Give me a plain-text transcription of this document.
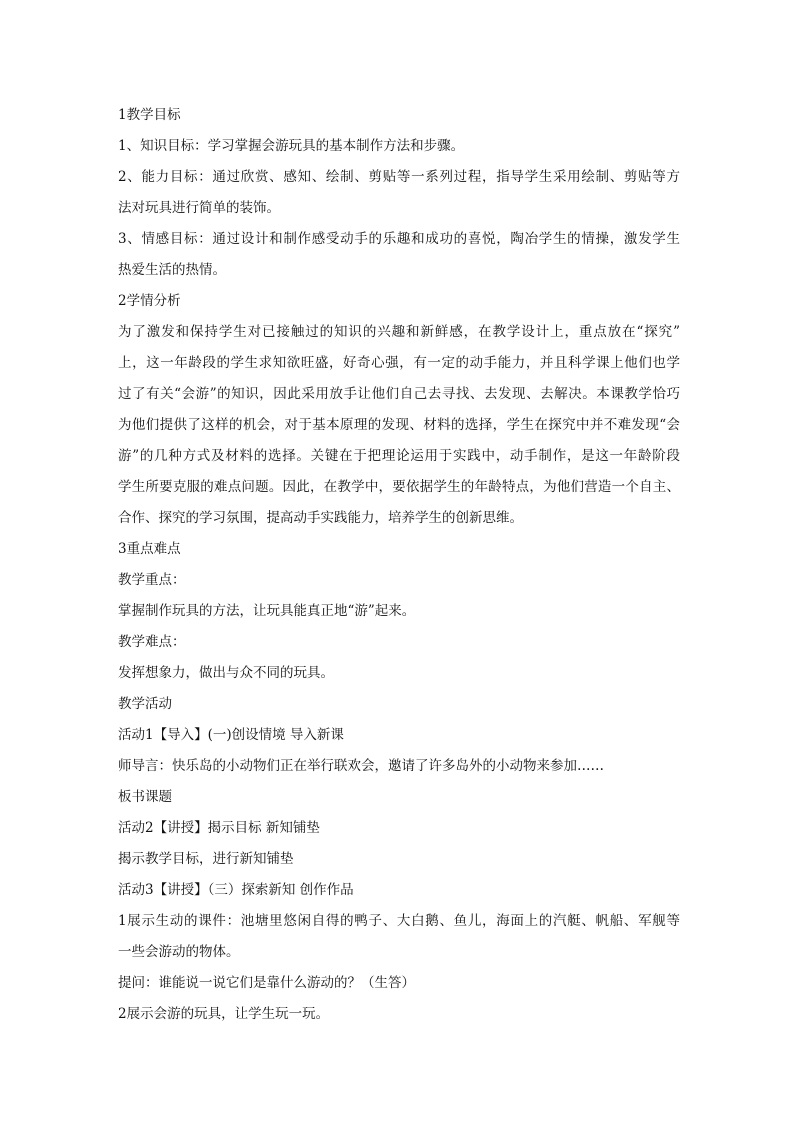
1教学目标
1、知识目标：学习掌握会游玩具的基本制作方法和步骤。
2、能力目标：通过欣赏、感知、绘制、剪贴等一系列过程，指导学生采用绘制、剪贴等方
法对玩具进行简单的装饰。
3、情感目标：通过设计和制作感受动手的乐趣和成功的喜悦，陶冶学生的情操，激发学生
热爱生活的热情。
2学情分析
为了激发和保持学生对已接触过的知识的兴趣和新鲜感，在教学设计上，重点放在“探究”
上，这一年龄段的学生求知欲旺盛，好奇心强，有一定的动手能力，并且科学课上他们也学
过了有关“会游”的知识，因此采用放手让他们自己去寻找、去发现、去解决。本课教学恰巧
为他们提供了这样的机会，对于基本原理的发现、材料的选择，学生在探究中并不难发现“会
游”的几种方式及材料的选择。关键在于把理论运用于实践中，动手制作，是这一年龄阶段
学生所要克服的难点问题。因此，在教学中，要依据学生的年龄特点，为他们营造一个自主、
合作、探究的学习氛围，提高动手实践能力，培养学生的创新思维。
3重点难点
教学重点：
掌握制作玩具的方法，让玩具能真正地“游”起来。
教学难点：
发挥想象力，做出与众不同的玩具。
教学活动
活动1【导入】(一)创设情境 导入新课
师导言：快乐岛的小动物们正在举行联欢会，邀请了许多岛外的小动物来参加……
板书课题
活动2【讲授】揭示目标 新知铺垫
揭示教学目标，进行新知铺垫
活动3【讲授】（三）探索新知 创作作品
1展示生动的课件：池塘里悠闲自得的鸭子、大白鹅、鱼儿，海面上的汽艇、帆船、军舰等
一些会游动的物体。
提问：谁能说一说它们是靠什么游动的？（生答）
2展示会游的玩具，让学生玩一玩。
